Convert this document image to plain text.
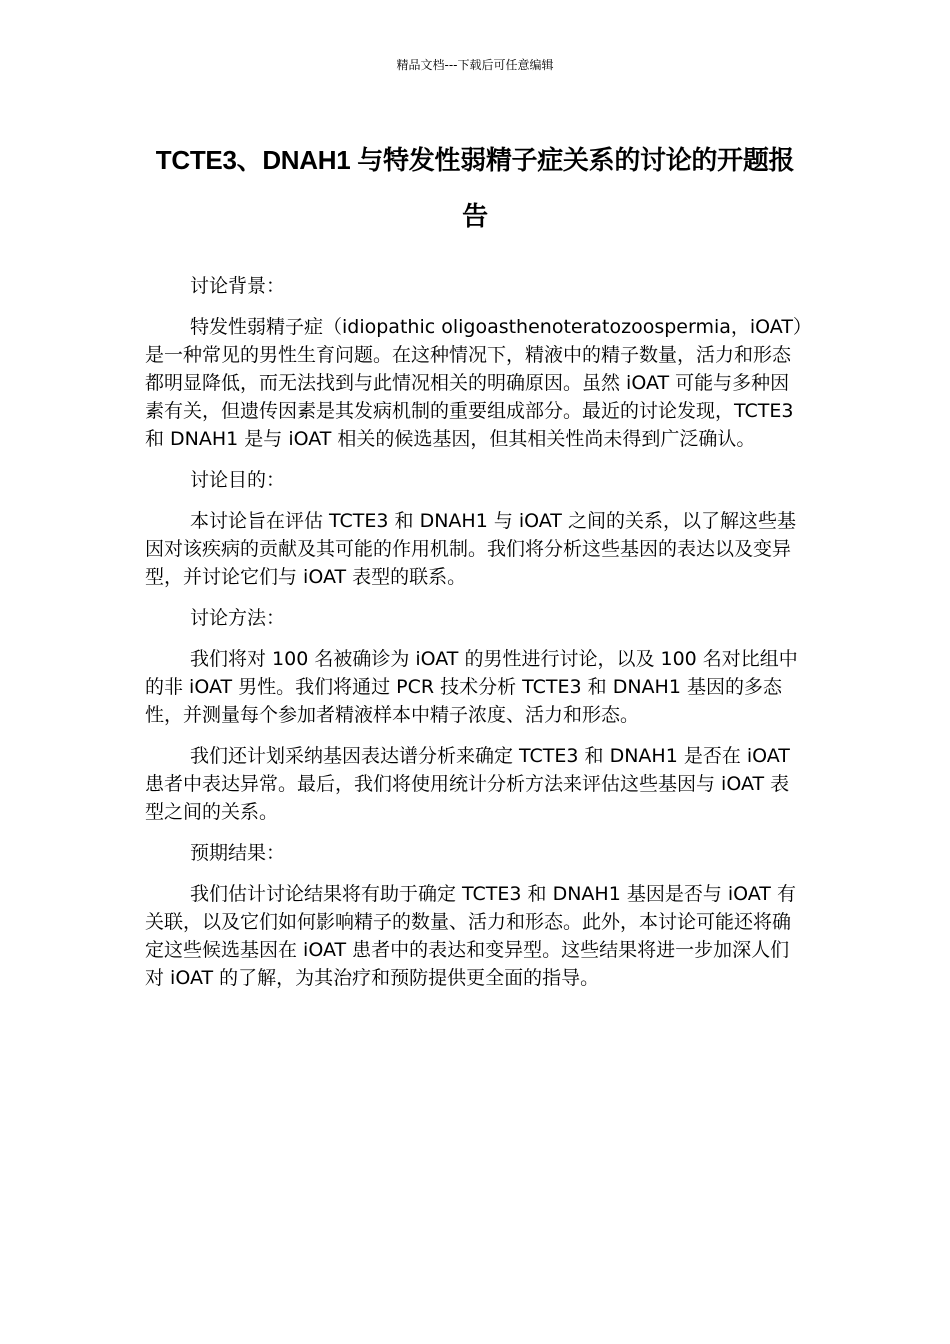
精品文档---下载后可任意编辑
TCTE3、DNAH1 与特发性弱精子症关系的讨论的开题报告

讨论背景：

特发性弱精子症（idiopathic oligoasthenoteratozoospermia，iOAT）是一种常见的男性生育问题。在这种情况下，精液中的精子数量，活力和形态都明显降低，而无法找到与此情况相关的明确原因。虽然 iOAT 可能与多种因素有关，但遗传因素是其发病机制的重要组成部分。最近的讨论发现，TCTE3 和 DNAH1 是与 iOAT 相关的候选基因，但其相关性尚未得到广泛确认。

讨论目的：

本讨论旨在评估 TCTE3 和 DNAH1 与 iOAT 之间的关系，以了解这些基因对该疾病的贡献及其可能的作用机制。我们将分析这些基因的表达以及变异型，并讨论它们与 iOAT 表型的联系。

讨论方法：

我们将对 100 名被确诊为 iOAT 的男性进行讨论，以及 100 名对比组中的非 iOAT 男性。我们将通过 PCR 技术分析 TCTE3 和 DNAH1 基因的多态性，并测量每个参加者精液样本中精子浓度、活力和形态。

我们还计划采纳基因表达谱分析来确定 TCTE3 和 DNAH1 是否在 iOAT 患者中表达异常。最后，我们将使用统计分析方法来评估这些基因与 iOAT 表型之间的关系。

预期结果：

我们估计讨论结果将有助于确定 TCTE3 和 DNAH1 基因是否与 iOAT 有关联，以及它们如何影响精子的数量、活力和形态。此外，本讨论可能还将确定这些候选基因在 iOAT 患者中的表达和变异型。这些结果将进一步加深人们对 iOAT 的了解，为其治疗和预防提供更全面的指导。
